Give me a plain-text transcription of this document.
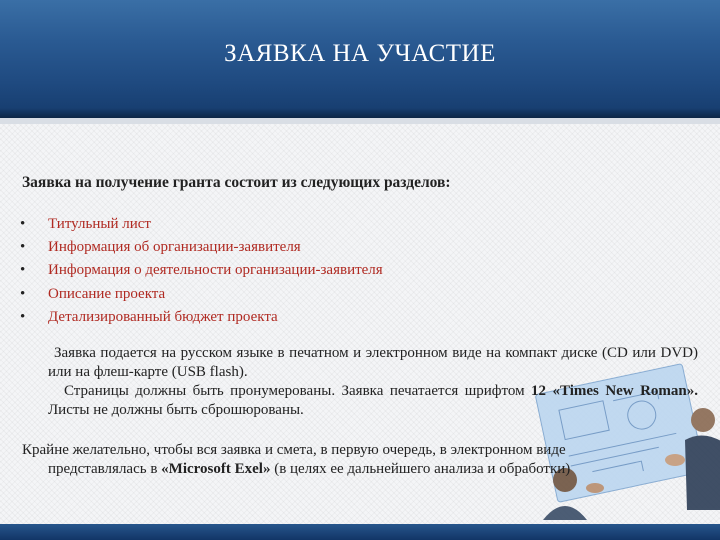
ЗАЯВКА НА УЧАСТИЕ
Заявка на получение гранта состоит из следующих разделов:
• Титульный лист
• Информация об организации-заявителя
• Информация о деятельности организации-заявителя
• Описание проекта
• Детализированный бюджет проекта
Заявка подается на русском языке в печатном и электронном виде на компакт диске (CD или DVD) или на флеш-карте (USB flash).
Страницы должны быть пронумерованы. Заявка печатается шрифтом 12 «Times New Roman». Листы не должны быть сброшюрованы.
Крайне желательно, чтобы вся заявка и смета, в первую очередь, в электронном виде
представлялась в «Microsoft Exel» (в целях ее дальнейшего анализа и обработки)
